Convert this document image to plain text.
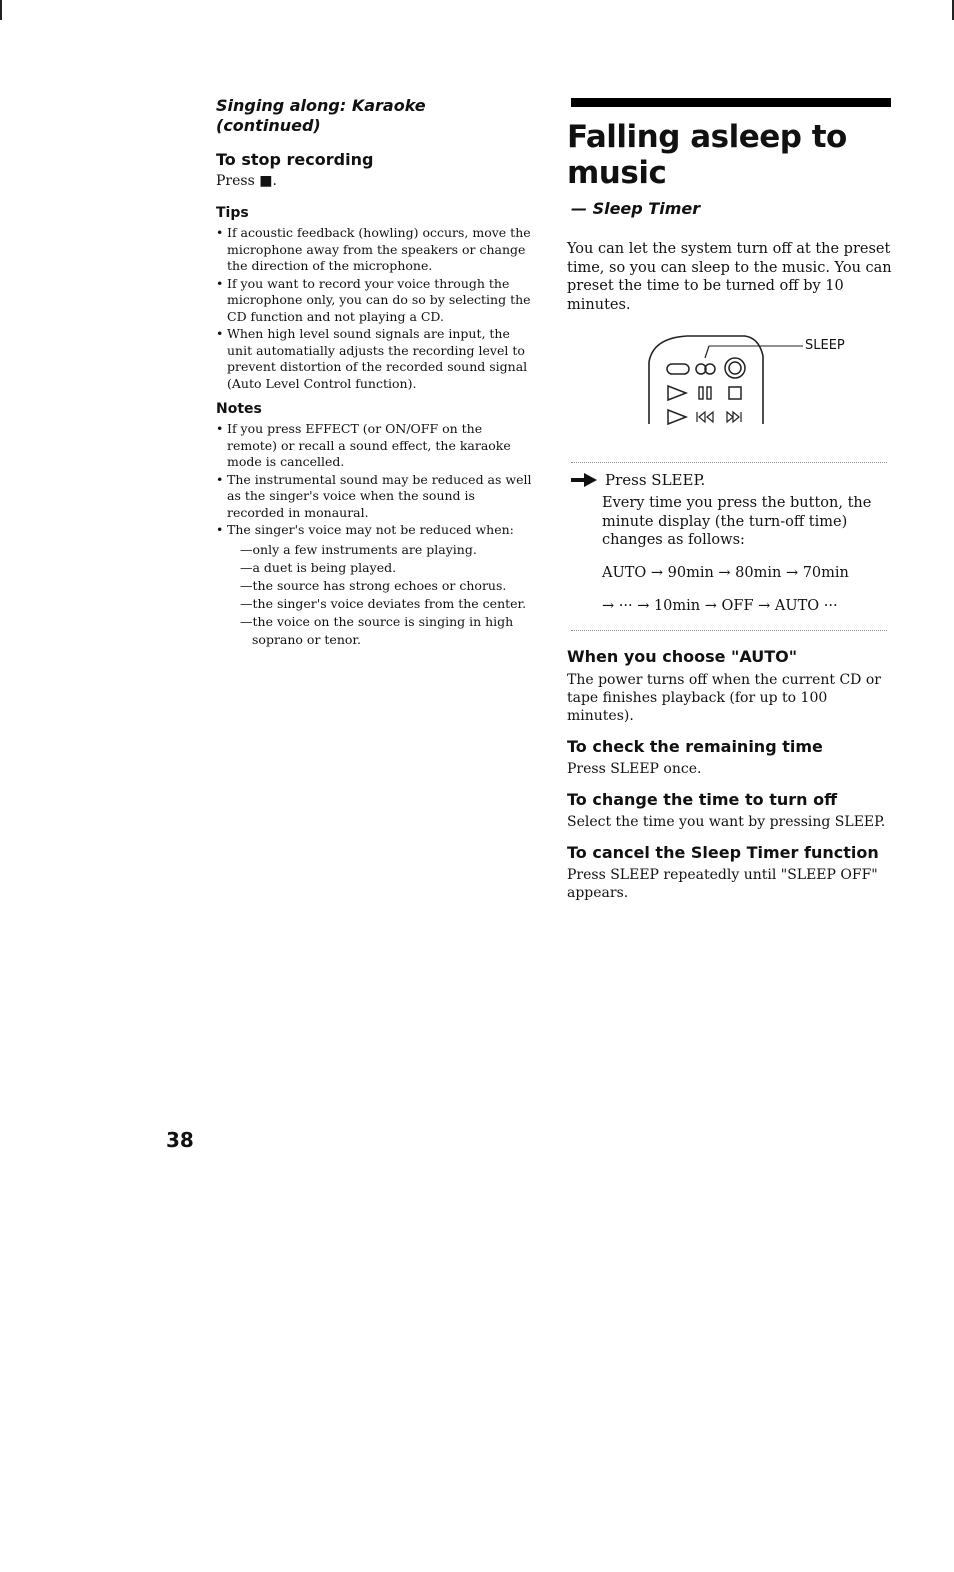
Singing along: Karaoke
(continued)

To stop recording

Press ■.

Tips

• If acoustic feedback (howling) occurs, move the microphone away from the speakers or change the direction of the microphone.
• If you want to record your voice through the microphone only, you can do so by selecting the CD function and not playing a CD.
• When high level sound signals are input, the unit automatially adjusts the recording level to prevent distortion of the recorded sound signal (Auto Level Control function).

Notes

• If you press EFFECT (or ON/OFF on the remote) or recall a sound effect, the karaoke mode is cancelled.
• The instrumental sound may be reduced as well as the singer's voice when the sound is recorded in monaural.
• The singer's voice may not be reduced when:
—only a few instruments are playing.
—a duet is being played.
—the source has strong echoes or chorus.
—the singer's voice deviates from the center.
—the voice on the source is singing in high soprano or tenor.

Falling asleep to
music

— Sleep Timer

You can let the system turn off at the preset time, so you can sleep to the music. You can preset the time to be turned off by 10 minutes.

SLEEP
Press SLEEP.

Every time you press the button, the minute display (the turn-off time) changes as follows:

AUTO → 90min → 80min → 70min

→ ··· → 10min → OFF → AUTO ···

When you choose "AUTO"

The power turns off when the current CD or tape finishes playback (for up to 100 minutes).

To check the remaining time

Press SLEEP once.

To change the time to turn off

Select the time you want by pressing SLEEP.

To cancel the Sleep Timer function

Press SLEEP repeatedly until "SLEEP OFF" appears.

38
